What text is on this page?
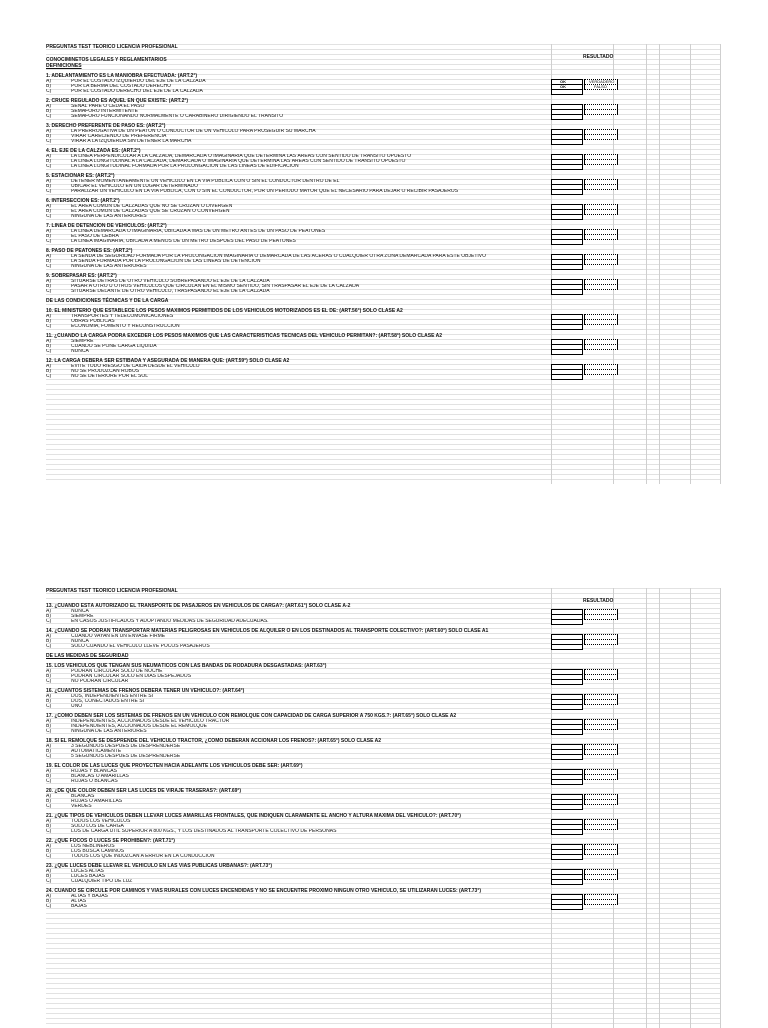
PREGUNTAS TEST TEORICO LICENCIA PROFESIONAL
RESULTADO
CONOCIMINETOS LEGALES Y REGLAMENTARIOS
DEFINICIONES
1. ADELANTAMIENTO ES LA MANIOBRA EFECTUADA: (ART.2°)
A)	POR EL COSTADO IZQUIERDO DEL EJE DE LA CALZADA
B)	POR LA BERMA DEL COSTADO DERECHO
C)	POR EL COSTADO DERECHO DEL EJE DE LA CALZADA
OK	VERDADERO
OK	FALSO
2. CRUCE REGULADO ES AQUEL EN QUE EXISTE: (ART.2°)
A)	SEÑAL PARE O CEDA EL PASO
B)	SEMÁFORO INTERMITENTE
C)	SEMÁFORO FUNCIONANDO NORMALMENTE O CARABINERO DIRIGIENDO EL TRÁNSITO
3. DERECHO PREFERENTE DE PASO ES: (ART.2°)
A)	LA PRERROGATIVA DE UN PEATÓN O CONDUCTOR DE UN VEHÍCULO PARA PROSEGUIR SU MARCHA
B)	VIRAR CARECIENDO DE PREFERENCIA
C)	VIRAR A LA IZQUIERDA SIN DETENER LA MARCHA
4. EL EJE DE LA CALZADA ES: (ART.2°)
A)	LA LÍNEA PERPENDICULAR A LA CALZADA, DEMARCADA O IMAGINARIA QUE DETERMINA LAS ÁREAS CON SENTIDO DE TRÁNSITO OPUESTO
B)	LA LÍNEA LONGITUDINAL A LA CALZADA, DEMARCADA O IMAGINARIA QUE DETERMINA LAS ÁREAS CON SENTIDO DE TRÁNSITO OPUESTO
C)	LA LÍNEA LONGITUDINAL FORMADA POR LA PROLONGACIÓN DE LAS LÍNEAS DE EDIFICACIÓN
5. ESTACIONAR ES: (ART.2°)
A)	DETENER MOMENTÁNEAMENTE UN VEHÍCULO EN LA VÍA PÚBLICA CON O SIN EL CONDUCTOR DENTRO DE ÉL
B)	UBICAR EL VEHÍCULO EN UN LUGAR DETERMINADO
C)	PARALIZAR UN VEHÍCULO EN LA VÍA PÚBLICA, CON O SIN EL CONDUCTOR, POR UN PERIODO MAYOR QUE EL NECESARIO PARA DEJAR O RECIBIR PASAJEROS
6. INTERSECCIÓN ES: (ART.2°)
A)	EL ÁREA COMÚN DE CALZADAS QUE NO SE CRUZAN O DIVERGEN
B)	EL ÁREA COMÚN DE CALZADAS QUE SE CRUZAN O CONVERGEN
C)	NINGUNA DE LAS ANTERIORES
7. LÍNEA DE DETENCIÓN DE VEHÍCULOS: (ART.2°)
A)	LA LÍNEA DEMARCADA O IMAGINARIA, UBICADA A MÁS DE UN METRO ANTES DE UN PASO DE PEATONES
B)	EL PASO DE CEBRA
C)	LA LÍNEA IMAGINARIA, UBICADA A MENOS DE UN METRO DESPUÉS DEL PASO DE PEATONES
8. PASO DE PEATONES ES: (ART.2°)
A)	LA SENDA DE SEGURIDAD FORMADA POR LA PROLONGACIÓN IMAGINARIA O DEMARCADA DE LAS ACERAS O CUALQUIER OTRA ZONA DEMARCADA PARA ESTE OBJETIVO
B)	LA SENDA FORMADA POR LA PROLONGACIÓN DE LAS LÍNEAS DE DETENCIÓN
C)	NINGUNA DE LAS ANTERIORES
9. SOBREPASAR ES: (ART.2°)
A)	SITUARSE DETRÁS DE OTRO VEHÍCULO SOBREPASANDO EL EJE DE LA CALZADA
B)	PASAR A OTRO U OTROS VEHÍCULOS QUE CIRCULAN EN EL MISMO SENTIDO, SIN TRASPASAR EL EJE DE LA CALZADA
C)	SITUARSE DELANTE DE OTRO VEHÍCULO, TRASPASANDO EL EJE DE LA CALZADA
DE LAS CONDICIONES TÉCNICAS Y DE LA CARGA
10. EL MINISTERIO QUE ESTABLECE LOS PESOS MÁXIMOS PERMITIDOS DE LOS VEHÍCULOS MOTORIZADOS ES EL DE: (ART.56°) SÓLO CLASE A2
A)	TRANSPORTES Y TELECOMUNICACIONES
B)	OBRAS PÚBLICAS
C)	ECONOMÍA, FOMENTO Y RECONSTRUCCIÓN
11. ¿CUÁNDO LA CARGA PODRÁ EXCEDER LOS PESOS MÁXIMOS QUE LAS CARACTERÍSTICAS TÉCNICAS DEL VEHÍCULO PERMITAN?: (ART.58°) SÓLO CLASE A2
A)	SIEMPRE
B)	CUANDO SE PONE CARGA LÍQUIDA
C)	NUNCA
12. LA CARGA DEBERÁ SER ESTIBADA Y ASEGURADA DE MANERA QUE: (ART.59°) SÓLO CLASE A2
A)	EVITE TODO RIESGO DE CAÍDA DESDE EL VEHÍCULO
B)	NO SE PRODUZCAN ROBOS
C)	NO SE DETERIORE POR EL SOL
PREGUNTAS TEST TEORICO LICENCIA PROFESIONAL
RESULTADO
13. ¿CUÁNDO ESTÁ AUTORIZADO EL TRANSPORTE DE PASAJEROS EN VEHÍCULOS DE CARGA?: (ART.61°) SÓLO CLASE A-2
A)	NUNCA
B)	SIEMPRE
C)	EN CASOS JUSTIFICADOS Y ADOPTANDO MEDIDAS DE SEGURIDAD ADECUADAS.
14. ¿CUÁNDO SE PODRÁN TRANSPORTAR MATERIAS PELIGROSAS EN VEHÍCULOS DE ALQUILER O EN LOS DESTINADOS AL TRANSPORTE COLECTIVO?: (ART.60°) SÓLO CLASE A1
A)	CUANDO VAYAN EN UN ENVASE FIRME
B)	NUNCA
C)	SÓLO CUANDO EL VEHÍCULO LLEVE POCOS PASAJEROS
DE LAS MEDIDAS DE SEGURIDAD
15. LOS VEHÍCULOS QUE TENGAN SUS NEUMÁTICOS CON LAS BANDAS DE RODADURA DESGASTADAS: (ART.63°)
A)	PODRÁN CIRCULAR SÓLO DE NOCHE
B)	PODRÁN CIRCULAR SÓLO EN DÍAS DESPEJADOS
C)	NO PODRÁN CIRCULAR
16. ¿CUÁNTOS SISTEMAS DE FRENOS DEBERÁ TENER UN VEHÍCULO?: (ART.64°)
A)	DOS, INDEPENDIENTES ENTRE SÍ
B)	DOS, CONECTADOS ENTRE SÍ
C)	UNO
17. ¿CÓMO DEBEN SER LOS SISTEMAS DE FRENOS EN UN VEHÍCULO CON REMOLQUE CON CAPACIDAD DE CARGA SUPERIOR A 750 KGS.?: (ART.65°) SÓLO CLASE A2
A)	INDEPENDIENTES, ACCIONADOS DESDE EL VEHÍCULO TRACTOR
B)	INDEPENDIENTES, ACCIONADOS DESDE EL REMOLQUE
C)	NINGUNA DE LAS ANTERIORES
18. SI EL REMOLQUE SE DESPRENDE DEL VEHÍCULO TRACTOR, ¿CÓMO DEBERÁN ACCIONAR LOS FRENOS?: (ART.65°) SÓLO CLASE A2
A)	3 SEGUNDOS DESPUÉS DE DESPRENDERSE
B)	AUTOMÁTICAMENTE
C)	5 SEGUNDOS DESPUÉS DE DESPRENDERSE
19. EL COLOR DE LAS LUCES QUE PROYECTEN HACIA ADELANTE LOS VEHÍCULOS DEBE SER: (ART.69°)
A)	ROJAS Y BLANCAS
B)	BLANCAS O AMARILLAS
C)	ROJAS O BLANCAS
20. ¿DE QUÉ COLOR DEBEN SER LAS LUCES DE VIRAJE TRASERAS?: (ART.69°)
A)	BLANCAS
B)	ROJAS O AMARILLAS
C)	VERDES
21. ¿QUÉ TIPOS DE VEHÍCULOS DEBEN LLEVAR LUCES AMARILLAS FRONTALES, QUE INDIQUEN CLARAMENTE EL ANCHO Y ALTURA MÁXIMA DEL VEHÍCULO?: (ART.70°)
A)	TODOS LOS VEHÍCULOS
B)	SÓLO LOS DE CARGA
C)	LOS DE CARGA ÚTIL SUPERIOR A 800 KGS., Y LOS DESTINADOS AL TRANSPORTE COLECTIVO DE PERSONAS
22. ¿QUÉ FOCOS O LUCES SE PROHÍBEN?: (ART.71°)
A)	LOS NEBLINEROS
B)	LOS BUSCA CAMINOS
C)	TODOS LOS QUE INDUZCAN A ERROR EN LA CONDUCCIÓN
23. ¿QUÉ LUCES DEBE LLEVAR EL VEHÍCULO EN LAS VÍAS PÚBLICAS URBANAS?: (ART.73°)
A)	LUCES ALTAS
B)	LUCES BAJAS
C)	CUALQUIER TIPO DE LUZ
24. CUANDO SE CIRCULE POR CAMINOS Y VÍAS RURALES CON LUCES ENCENDIDAS Y NO SE ENCUENTRE PRÓXIMO NINGÚN OTRO VEHÍCULO, SE UTILIZARÁN LUCES: (ART.73°)
A)	ALTAS Y BAJAS
B)	ALTAS
C)	BAJAS
